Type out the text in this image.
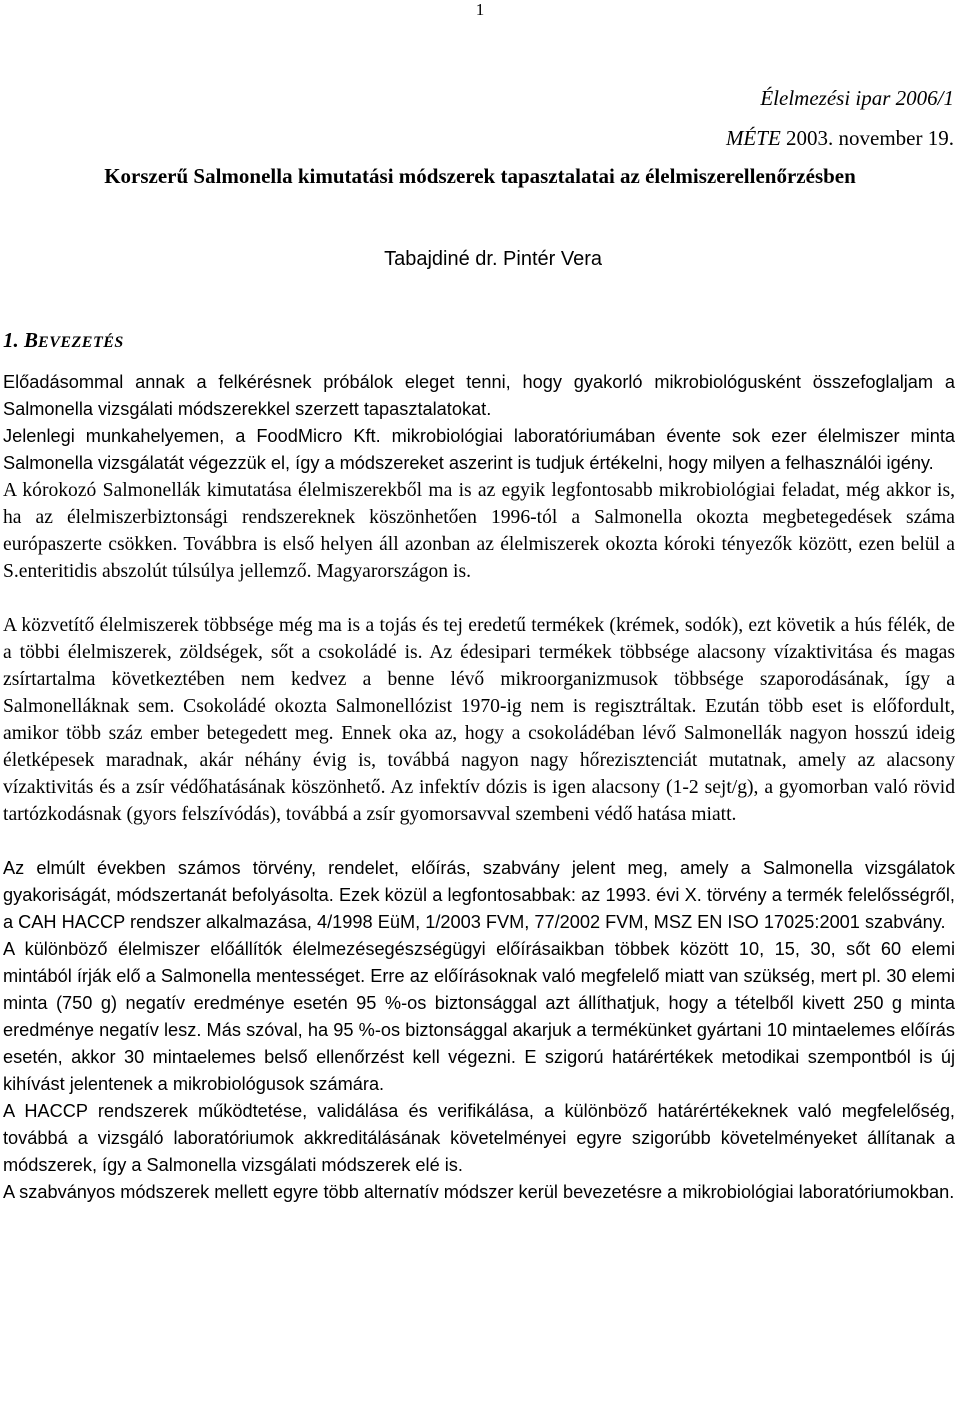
1
Élelmezési ipar 2006/1
MÉTE 2003. november 19.
Korszerű Salmonella kimutatási módszerek tapasztalatai az élelmiszerellenőrzésben
Tabajdiné dr. Pintér Vera
1. BEVEZETÉS

Előadásommal annak a felkérésnek próbálok eleget tenni, hogy gyakorló mikrobiológusként összefoglaljam a Salmonella vizsgálati módszerekkel szerzett tapasztalatokat.

Jelenlegi munkahelyemen, a FoodMicro Kft. mikrobiológiai laboratóriumában évente sok ezer élelmiszer minta Salmonella vizsgálatát végezzük el, így a módszereket aszerint is tudjuk értékelni, hogy milyen a felhasználói igény.

A kórokozó Salmonellák kimutatása élelmiszerekből ma is az egyik legfontosabb mikrobiológiai feladat, még akkor is, ha az élelmiszerbiztonsági rendszereknek köszönhetően 1996-tól a Salmonella okozta megbetegedések száma európaszerte csökken. Továbbra is első helyen áll azonban az élelmiszerek okozta kóroki tényezők között, ezen belül a S.enteritidis abszolút túlsúlya jellemző. Magyarországon is.

A közvetítő élelmiszerek többsége még ma is a tojás és tej eredetű termékek (krémek, sodók), ezt követik a hús félék, de a többi élelmiszerek, zöldségek, sőt a csokoládé is. Az édesipari termékek többsége alacsony vízaktivitása és magas zsírtartalma következtében nem kedvez a benne lévő mikroorganizmusok többsége szaporodásának, így a Salmonelláknak sem. Csokoládé okozta Salmonellózist 1970-ig nem is regisztráltak. Ezután több eset is előfordult, amikor több száz ember betegedett meg. Ennek oka az, hogy a csokoládéban lévő Salmonellák nagyon hosszú ideig életképesek maradnak, akár néhány évig is, továbbá nagyon nagy hőrezisztenciát mutatnak, amely az alacsony vízaktivitás és a zsír védőhatásának köszönhető. Az infektív dózis is igen alacsony (1-2 sejt/g), a gyomorban való rövid tartózkodásnak (gyors felszívódás), továbbá a zsír gyomorsavval szembeni védő hatása miatt.

Az elmúlt években számos törvény, rendelet, előírás, szabvány jelent meg, amely a Salmonella vizsgálatok gyakoriságát, módszertanát befolyásolta. Ezek közül a legfontosabbak: az 1993. évi X. törvény a termék felelősségről, a CAH HACCP rendszer alkalmazása, 4/1998 EüM, 1/2003 FVM, 77/2002 FVM, MSZ EN ISO 17025:2001 szabvány.

A különböző élelmiszer előállítók élelmezésegészségügyi előírásaikban többek között 10, 15, 30, sőt 60 elemi mintából írják elő a Salmonella mentességet. Erre az előírásoknak való megfelelő miatt van szükség, mert pl. 30 elemi minta (750 g) negatív eredménye esetén 95 %-os biztonsággal azt állíthatjuk, hogy a tételből kivett 250 g minta eredménye negatív lesz. Más szóval, ha 95 %-os biztonsággal akarjuk a termékünket gyártani 10 mintaelemes előírás esetén, akkor 30 mintaelemes belső ellenőrzést kell végezni. E szigorú határértékek metodikai szempontból is új kihívást jelentenek a mikrobiológusok számára.

A HACCP rendszerek működtetése, validálása és verifikálása, a különböző határértékeknek való megfelelőség, továbbá a vizsgáló laboratóriumok akkreditálásának követelményei egyre szigorúbb követelményeket állítanak a módszerek, így a Salmonella vizsgálati módszerek elé is.

A szabványos módszerek mellett egyre több alternatív módszer kerül bevezetésre a mikrobiológiai laboratóriumokban.
